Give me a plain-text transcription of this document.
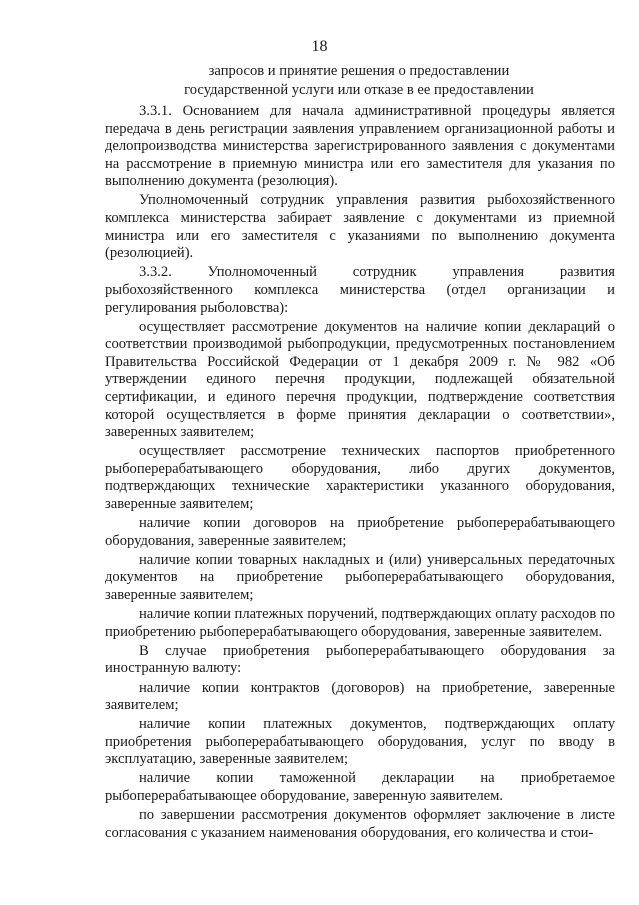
18
запросов и принятие решения о предоставлении
государственной услуги или отказе в ее предоставлении

3.3.1. Основанием для начала административной процедуры является передача в день регистрации заявления управлением организационной работы и делопроизводства министерства зарегистрированного заявления с документами на рассмотрение в приемную министра или его заместителя для указания по выполнению документа (резолюция).

Уполномоченный сотрудник управления развития рыбохозяйственного комплекса министерства забирает заявление с документами из приемной министра или его заместителя с указаниями по выполнению документа (резолюцией).

3.3.2. Уполномоченный сотрудник управления развития рыбохозяйственного комплекса министерства (отдел организации и регулирования рыболовства):

осуществляет рассмотрение документов на наличие копии деклараций о соответствии производимой рыбопродукции, предусмотренных постановлением Правительства Российской Федерации от 1 декабря 2009 г. № 982 «Об утверждении единого перечня продукции, подлежащей обязательной сертификации, и единого перечня продукции, подтверждение соответствия которой осуществляется в форме принятия декларации о соответствии», заверенных заявителем;

осуществляет рассмотрение технических паспортов приобретенного рыбоперерабатывающего оборудования, либо других документов, подтверждающих технические характеристики указанного оборудования, заверенные заявителем;

наличие копии договоров на приобретение рыбоперерабатывающего оборудования, заверенные заявителем;

наличие копии товарных накладных и (или) универсальных передаточных документов на приобретение рыбоперерабатывающего оборудования, заверенные заявителем;

наличие копии платежных поручений, подтверждающих оплату расходов по приобретению рыбоперерабатывающего оборудования, заверенные заявителем.

В случае приобретения рыбоперерабатывающего оборудования за иностранную валюту:

наличие копии контрактов (договоров) на приобретение, заверенные заявителем;

наличие копии платежных документов, подтверждающих оплату приобретения рыбоперерабатывающего оборудования, услуг по вводу в эксплуатацию, заверенные заявителем;

наличие копии таможенной декларации на приобретаемое рыбоперерабатывающее оборудование, заверенную заявителем.

по завершении рассмотрения документов оформляет заключение в листе согласования с указанием наименования оборудования, его количества и стои-
